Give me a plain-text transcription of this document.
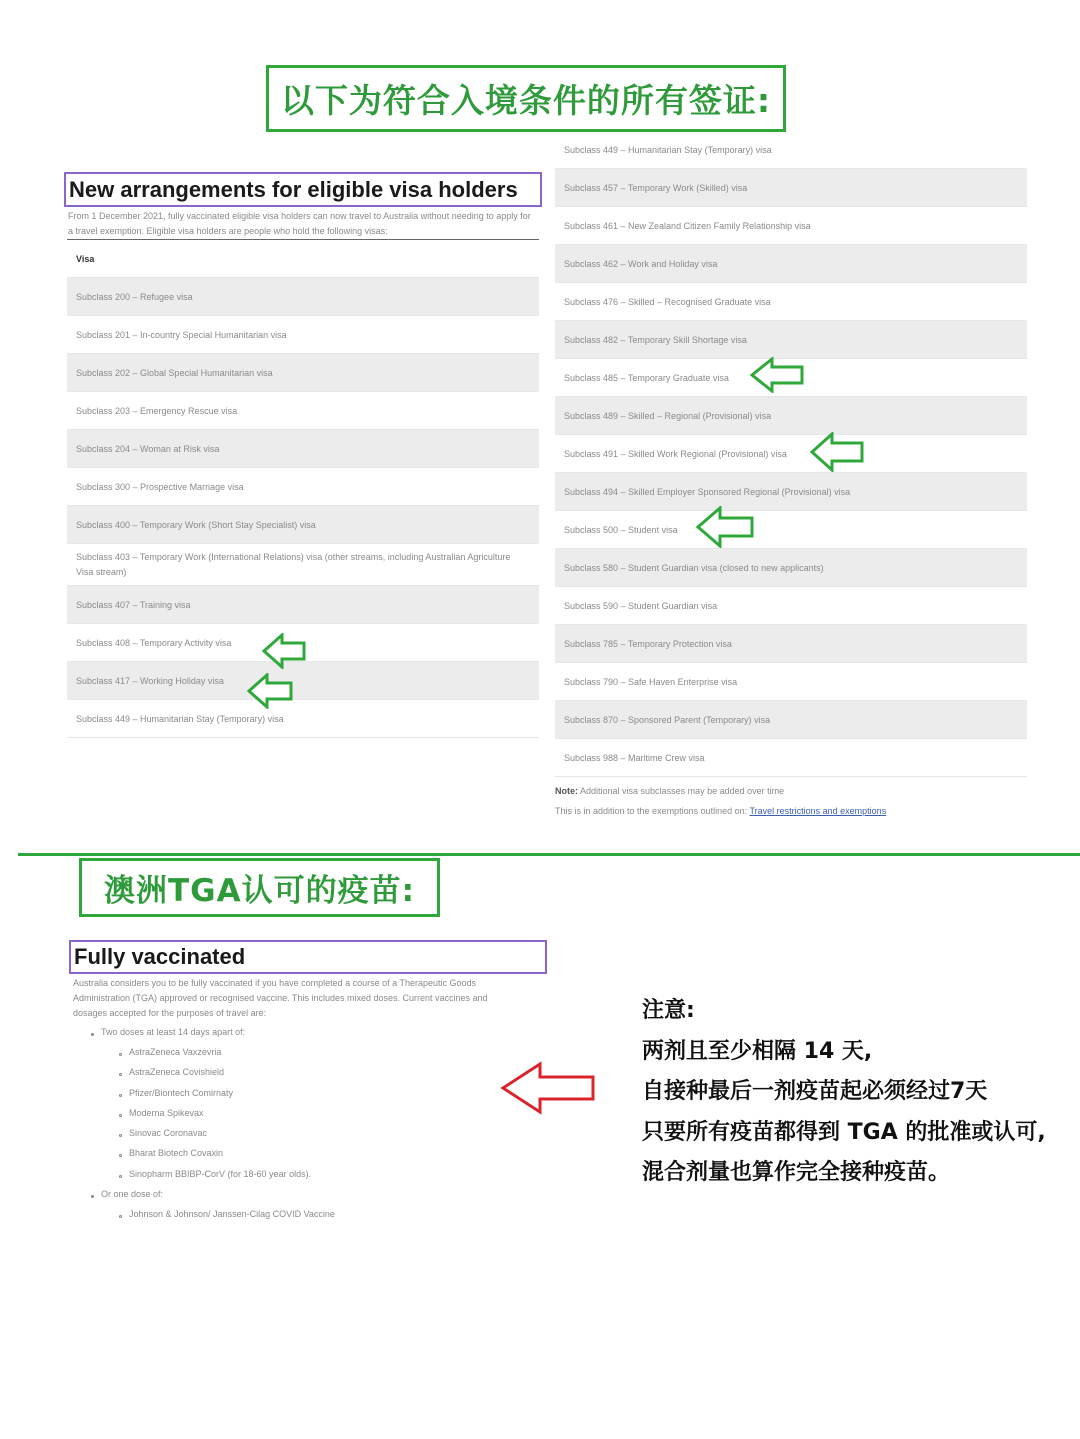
以下为符合入境条件的所有签证:
New arrangements for eligible visa holders
From 1 December 2021, fully vaccinated eligible visa holders can now travel to Australia without needing to apply for a travel exemption. Eligible visa holders are people who hold the following visas:
Visa
Subclass 200 – Refugee visa
Subclass 201 – In-country Special Humanitarian visa
Subclass 202 – Global Special Humanitarian visa
Subclass 203 – Emergency Rescue visa
Subclass 204 – Woman at Risk visa
Subclass 300 – Prospective Marriage visa
Subclass 400 – Temporary Work (Short Stay Specialist) visa
Subclass 403 – Temporary Work (International Relations) visa (other streams, including Australian Agriculture Visa stream)
Subclass 407 – Training visa
Subclass 408 – Temporary Activity visa
Subclass 417 – Working Holiday visa
Subclass 449 – Humanitarian Stay (Temporary) visa
Subclass 449 – Humanitarian Stay (Temporary) visa
Subclass 457 – Temporary Work (Skilled) visa
Subclass 461 – New Zealand Citizen Family Relationship visa
Subclass 462 – Work and Holiday visa
Subclass 476 – Skilled – Recognised Graduate visa
Subclass 482 – Temporary Skill Shortage visa
Subclass 485 – Temporary Graduate visa
Subclass 489 – Skilled – Regional (Provisional) visa
Subclass 491 – Skilled Work Regional (Provisional) visa
Subclass 494 – Skilled Employer Sponsored Regional (Provisional) visa
Subclass 500 – Student visa
Subclass 580 – Student Guardian visa (closed to new applicants)
Subclass 590 – Student Guardian visa
Subclass 785 – Temporary Protection visa
Subclass 790 – Safe Haven Enterprise visa
Subclass 870 – Sponsored Parent (Temporary) visa
Subclass 988 – Maritime Crew visa
Note: Additional visa subclasses may be added over time
This is in addition to the exemptions outlined on: Travel restrictions and exemptions
澳洲TGA认可的疫苗:
Fully vaccinated
Australia considers you to be fully vaccinated if you have completed a course of a Therapeutic Goods Administration (TGA) approved or recognised vaccine. This includes mixed doses. Current vaccines and dosages accepted for the purposes of travel are:
Two doses at least 14 days apart of:
AstraZeneca Vaxzevria
AstraZeneca Covishield
Pfizer/Biontech Comirnaty
Moderna Spikevax
Sinovac Coronavac
Bharat Biotech Covaxin
Sinopharm BBIBP-CorV (for 18-60 year olds).
Or one dose of:
Johnson & Johnson/ Janssen-Cilag COVID Vaccine
注意:
两剂且至少相隔 14 天,
自接种最后一剂疫苗起必须经过7天
只要所有疫苗都得到 TGA 的批准或认可,
混合剂量也算作完全接种疫苗。
